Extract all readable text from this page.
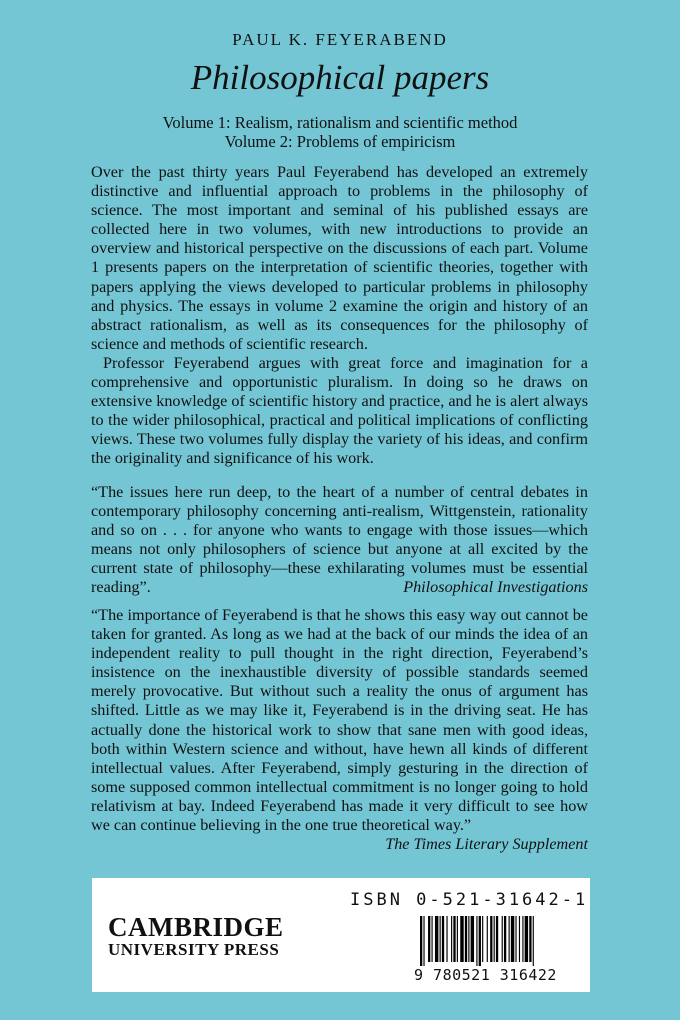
PAUL K. FEYERABEND
Philosophical papers
Volume 1: Realism, rationalism and scientific method
Volume 2: Problems of empiricism

Over the past thirty years Paul Feyerabend has developed an extremely distinctive and influential approach to problems in the philosophy of science. The most important and seminal of his published essays are collected here in two volumes, with new introductions to provide an overview and historical perspective on the discussions of each part. Volume 1 presents papers on the interpretation of scientific theories, together with papers applying the views developed to particular problems in philosophy and physics. The essays in volume 2 examine the origin and history of an abstract rationalism, as well as its consequences for the philosophy of science and methods of scientific research.

Professor Feyerabend argues with great force and imagination for a comprehensive and opportunistic pluralism. In doing so he draws on extensive knowledge of scientific history and practice, and he is alert always to the wider philosophical, practical and political implications of conflicting views. These two volumes fully display the variety of his ideas, and confirm the originality and significance of his work.

“The issues here run deep, to the heart of a number of central debates in contemporary philosophy concerning anti-realism, Wittgenstein, rationality and so on . . . for anyone who wants to engage with those issues—which means not only philosophers of science but anyone at all excited by the current state of philosophy—these exhilarating volumes must be essential reading”.	Philosophical Investigations

“The importance of Feyerabend is that he shows this easy way out cannot be taken for granted. As long as we had at the back of our minds the idea of an independent reality to pull thought in the right direction, Feyerabend’s insistence on the inexhaustible diversity of possible standards seemed merely provocative. But without such a reality the onus of argument has shifted. Little as we may like it, Feyerabend is in the driving seat. He has actually done the historical work to show that sane men with good ideas, both within Western science and without, have hewn all kinds of different intellectual values. After Feyerabend, simply gesturing in the direction of some supposed common intellectual commitment is no longer going to hold relativism at bay. Indeed Feyerabend has made it very difficult to see how we can continue believing in the one true theoretical way.”

The Times Literary Supplement
CAMBRIDGE
UNIVERSITY PRESS
ISBN 0-521-31642-1
9 780521 316422
